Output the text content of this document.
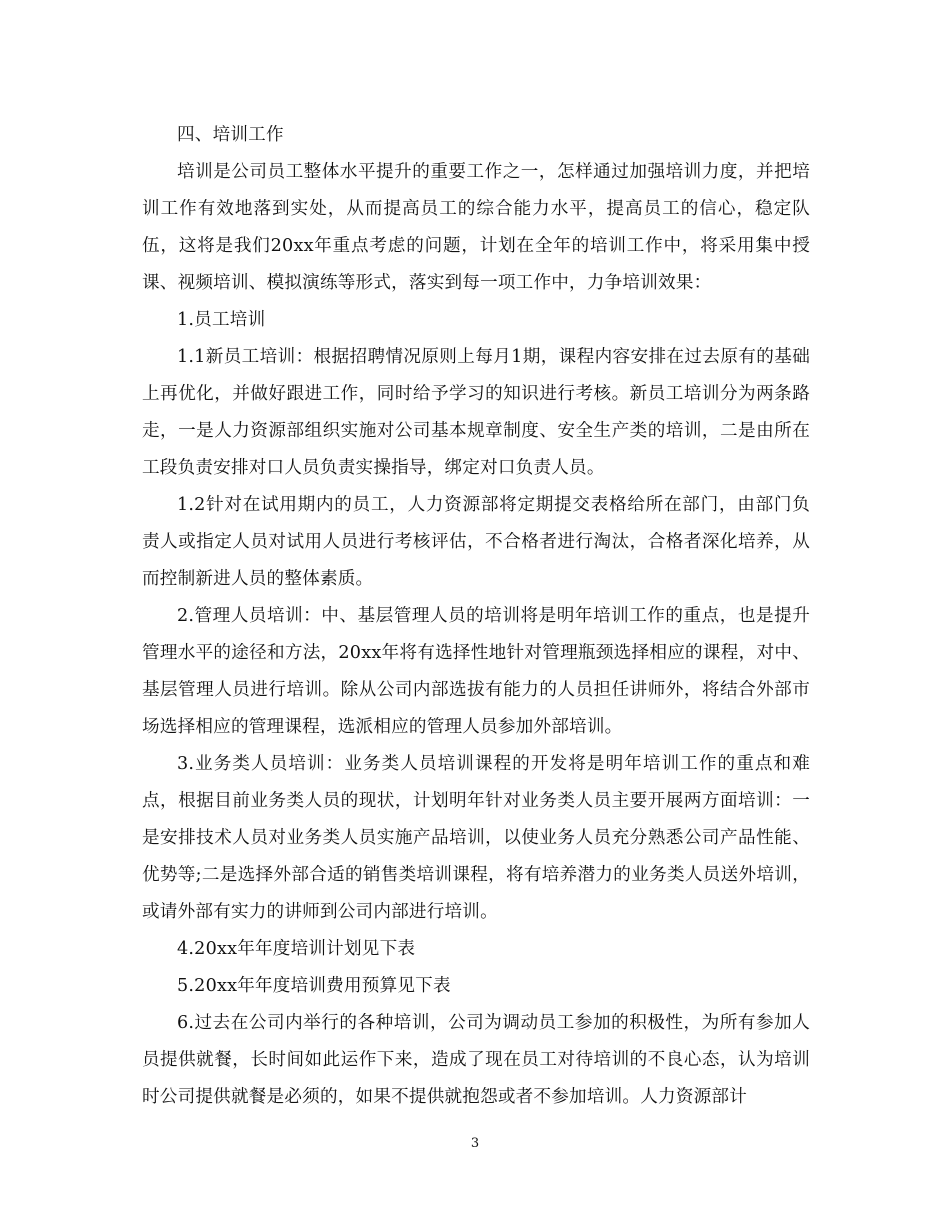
四、培训工作

培训是公司员工整体水平提升的重要工作之一，怎样通过加强培训力度，并把培训工作有效地落到实处，从而提高员工的综合能力水平，提高员工的信心，稳定队伍，这将是我们20xx年重点考虑的问题，计划在全年的培训工作中，将采用集中授课、视频培训、模拟演练等形式，落实到每一项工作中，力争培训效果：

1.员工培训

1.1新员工培训：根据招聘情况原则上每月1期，课程内容安排在过去原有的基础上再优化，并做好跟进工作，同时给予学习的知识进行考核。新员工培训分为两条路走，一是人力资源部组织实施对公司基本规章制度、安全生产类的培训，二是由所在工段负责安排对口人员负责实操指导，绑定对口负责人员。

1.2针对在试用期内的员工，人力资源部将定期提交表格给所在部门，由部门负责人或指定人员对试用人员进行考核评估，不合格者进行淘汰，合格者深化培养，从而控制新进人员的整体素质。

2.管理人员培训：中、基层管理人员的培训将是明年培训工作的重点，也是提升管理水平的途径和方法，20xx年将有选择性地针对管理瓶颈选择相应的课程，对中、基层管理人员进行培训。除从公司内部选拔有能力的人员担任讲师外，将结合外部市场选择相应的管理课程，选派相应的管理人员参加外部培训。

3.业务类人员培训：业务类人员培训课程的开发将是明年培训工作的重点和难点，根据目前业务类人员的现状，计划明年针对业务类人员主要开展两方面培训：一是安排技术人员对业务类人员实施产品培训，以使业务人员充分熟悉公司产品性能、优势等;二是选择外部合适的销售类培训课程，将有培养潜力的业务类人员送外培训，或请外部有实力的讲师到公司内部进行培训。

4.20xx年年度培训计划见下表

5.20xx年年度培训费用预算见下表

6.过去在公司内举行的各种培训，公司为调动员工参加的积极性，为所有参加人员提供就餐，长时间如此运作下来，造成了现在员工对待培训的不良心态，认为培训时公司提供就餐是必须的，如果不提供就抱怨或者不参加培训。人力资源部计

3
